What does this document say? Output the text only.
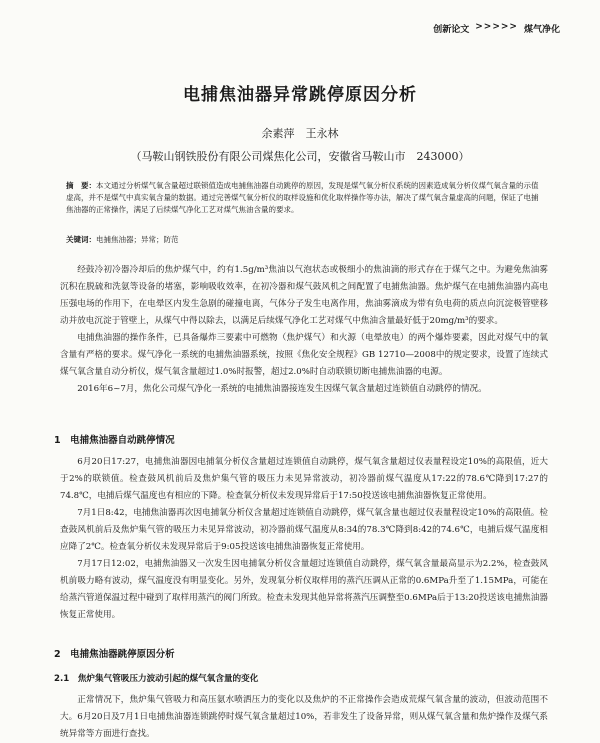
创新论文 >>>>> 煤气净化
电捕焦油器异常跳停原因分析
余素萍　王永林
（马鞍山钢铁股份有限公司煤焦化公司，安徽省马鞍山市　243000）
摘　要：本文通过分析煤气氧含量超过联锁值造成电捕焦油器自动跳停的原因，发现是煤气氧分析仪系统的因素造成氧分析仪煤气氧含量的示值虚高，并不是煤气中真实氧含量的数据。通过完善煤气氧分析仪的取样设施和优化取样操作等办法，解决了煤气氧含量虚高的问题，保证了电捕焦油器的正常操作，满足了后续煤气净化工艺对煤气焦油含量的要求。
关键词：电捕焦油器；异常；防范

经鼓冷初冷器冷却后的焦炉煤气中，约有1.5g/m³焦油以气泡状态或极细小的焦油滴的形式存在于煤气之中。为避免焦油雾沉积在脱硫和洗氨等设备的堵塞，影响吸收效率，在初冷器和煤气鼓风机之间配置了电捕焦油器。焦炉煤气在电捕焦油器内高电压强电场的作用下，在电晕区内发生急剧的碰撞电离，气体分子发生电离作用，焦油雾滴成为带有负电荷的质点向沉淀极管壁移动并放电沉淀于管壁上，从煤气中得以除去，以满足后续煤气净化工艺对煤气中焦油含量最好低于20mg/m³的要求。

电捕焦油器的操作条件，已具备爆炸三要素中可燃物（焦炉煤气）和火源（电晕放电）的两个爆炸要素，因此对煤气中的氧含量有严格的要求。煤气净化一系统的电捕焦油器系统，按照《焦化安全规程》GB 12710—2008中的规定要求，设置了连续式煤气氧含量自动分析仪，煤气氧含量超过1.0%时报警，超过2.0%时自动联锁切断电捕焦油器的电源。

2016年6~7月，焦化公司煤气净化一系统的电捕焦油器接连发生因煤气氧含量超过连锁值自动跳停的情况。

1　电捕焦油器自动跳停情况

6月20日17:27，电捕焦油器因电捕氧分析仪含量超过连锁值自动跳停，煤气氧含量超过仪表量程设定10%的高限值，近大于2%的联锁值。检查鼓风机前后及焦炉集气管的吸压力未见异常波动，初冷器前煤气温度从17:22的78.6℃降到17:27的74.8℃，电捕后煤气温度也有相应的下降。检查氧分析仪未发现异常后于17:50投送该电捕焦油器恢复正常使用。

7月1日8:42，电捕焦油器再次因电捕氧分析仪含量超过连锁值自动跳停，煤气氧含量也超过仪表量程设定10%的高限值。检查鼓风机前后及焦炉集气管的吸压力未见异常波动，初冷器前煤气温度从8:34的78.3℃降到8:42的74.6℃，电捕后煤气温度相应降了2℃。检查氧分析仪未发现异常后于9:05投送该电捕焦油器恢复正常使用。

7月17日12:02，电捕焦油器又一次发生因电捕氧分析仪含量超过连锁值自动跳停，煤气氧含量最高显示为2.2%，检查鼓风机前吸力略有波动，煤气温度没有明显变化。另外，发现氧分析仪取样用的蒸汽压调从正常的0.6MPa升至了1.15MPa，可能在给蒸汽管道保温过程中碰到了取样用蒸汽的阀门所致。检查未发现其他异常将蒸汽压调整至0.6MPa后于13:20投送该电捕焦油器恢复正常使用。

2　电捕焦油器跳停原因分析
2.1　焦炉集气管吸压力波动引起的煤气氧含量的变化

正常情况下，焦炉集气管吸力和高压氨水喷洒压力的变化以及焦炉的不正常操作会造成荒煤气氧含量的波动，但波动范围不大。6月20日及7月1日电捕焦油器连锁跳停时煤气氧含量超过10%，若非发生了设备异常，则从煤气氧含量和焦炉操作及煤气系统异常等方面进行查找。
